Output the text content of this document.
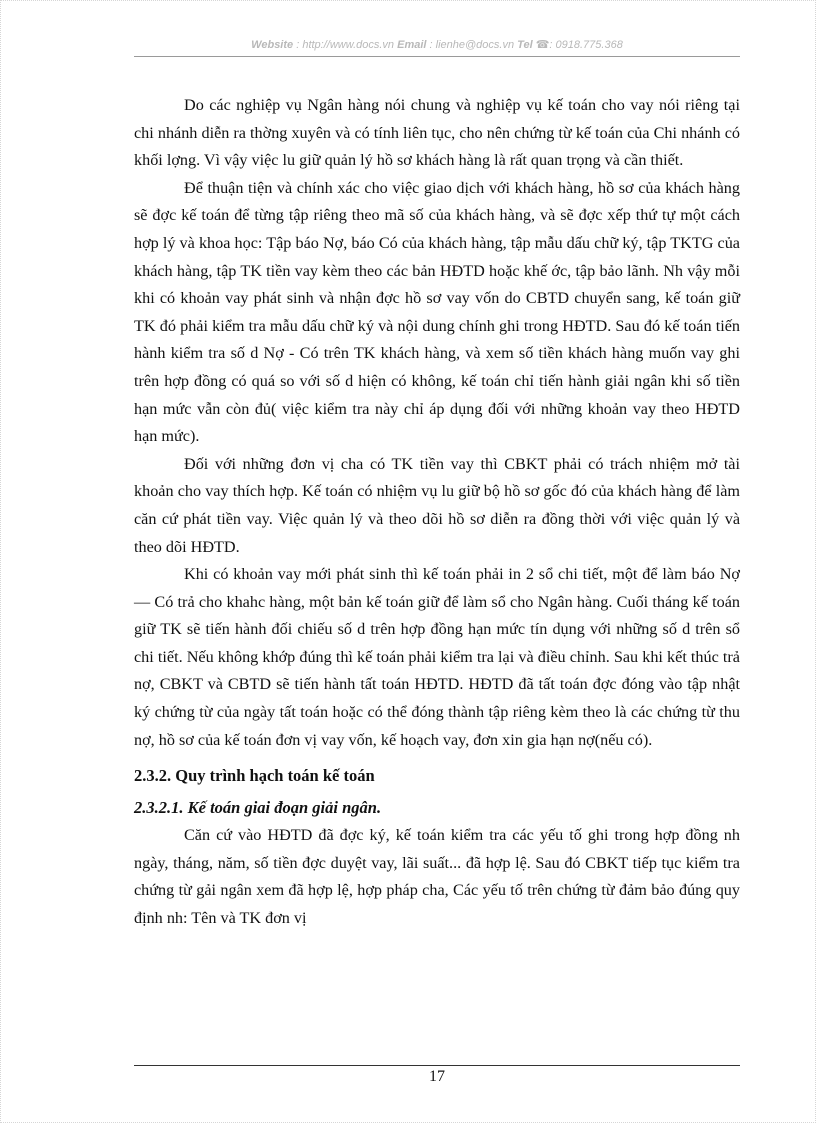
Website : http://www.docs.vn Email : lienhe@docs.vn Tel ☎: 0918.775.368

Do các nghiệp vụ Ngân hàng nói chung và nghiệp vụ kế toán cho vay nói riêng tại chi nhánh diễn ra thờng xuyên và có tính liên tục, cho nên chứng từ kế toán của Chi nhánh có khối lợng. Vì vậy việc lu giữ quản lý hồ sơ khách hàng là rất quan trọng và cần thiết.

Để thuận tiện và chính xác cho việc giao dịch với khách hàng, hồ sơ của khách hàng sẽ đợc kế toán để từng tập riêng theo mã số của khách hàng, và sẽ đợc xếp thứ tự một cách hợp lý và khoa học: Tập báo Nợ, báo Có của khách hàng, tập mẫu dấu chữ ký, tập TKTG của khách hàng, tập TK tiền vay kèm theo các bản HĐTD hoặc khế ớc, tập bảo lãnh. Nh vậy mỗi khi có khoản vay phát sinh và nhận đợc hồ sơ vay vốn do CBTD chuyển sang, kế toán giữ TK đó phải kiểm tra mẫu dấu chữ ký và nội dung chính ghi trong HĐTD. Sau đó kế toán tiến hành kiểm tra số d Nợ - Có trên TK khách hàng, và xem số tiền khách hàng muốn vay ghi trên hợp đồng có quá so với số d hiện có không, kế toán chỉ tiến hành giải ngân khi số tiền hạn mức vẫn còn đủ( việc kiểm tra này chỉ áp dụng đối với những khoản vay theo HĐTD hạn mức).

Đối với những đơn vị cha có TK tiền vay thì CBKT phải có trách nhiệm mở tài khoản cho vay thích hợp. Kế toán có nhiệm vụ lu giữ bộ hồ sơ gốc đó của khách hàng để làm căn cứ phát tiền vay. Việc quản lý và theo dõi hồ sơ diễn ra đồng thời với việc quản lý và theo dõi HĐTD.

Khi có khoản vay mới phát sinh thì kế toán phải in 2 sổ chi tiết, một để làm báo Nợ — Có trả cho khahc hàng, một bản kế toán giữ để làm sổ cho Ngân hàng. Cuối tháng kế toán giữ TK sẽ tiến hành đối chiếu số d trên hợp đồng hạn mức tín dụng với những số d trên sổ chi tiết. Nếu không khớp đúng thì kế toán phải kiểm tra lại và điều chỉnh. Sau khi kết thúc trả nợ, CBKT và CBTD sẽ tiến hành tất toán HĐTD. HĐTD đã tất toán đợc đóng vào tập nhật ký chứng từ của ngày tất toán hoặc có thể đóng thành tập riêng kèm theo là các chứng từ thu nợ, hồ sơ của kế toán đơn vị vay vốn, kế hoạch vay, đơn xin gia hạn nợ(nếu có).

2.3.2. Quy trình hạch toán kế toán
2.3.2.1. Kế toán giai đoạn giải ngân.

Căn cứ vào HĐTD đã đợc ký, kế toán kiểm tra các yếu tố ghi trong hợp đồng nh ngày, tháng, năm, số tiền đợc duyệt vay, lãi suất... đã hợp lệ. Sau đó CBKT tiếp tục kiểm tra chứng từ gải ngân xem đã hợp lệ, hợp pháp cha, Các yếu tố trên chứng từ đảm bảo đúng quy định nh: Tên và TK đơn vị

17
